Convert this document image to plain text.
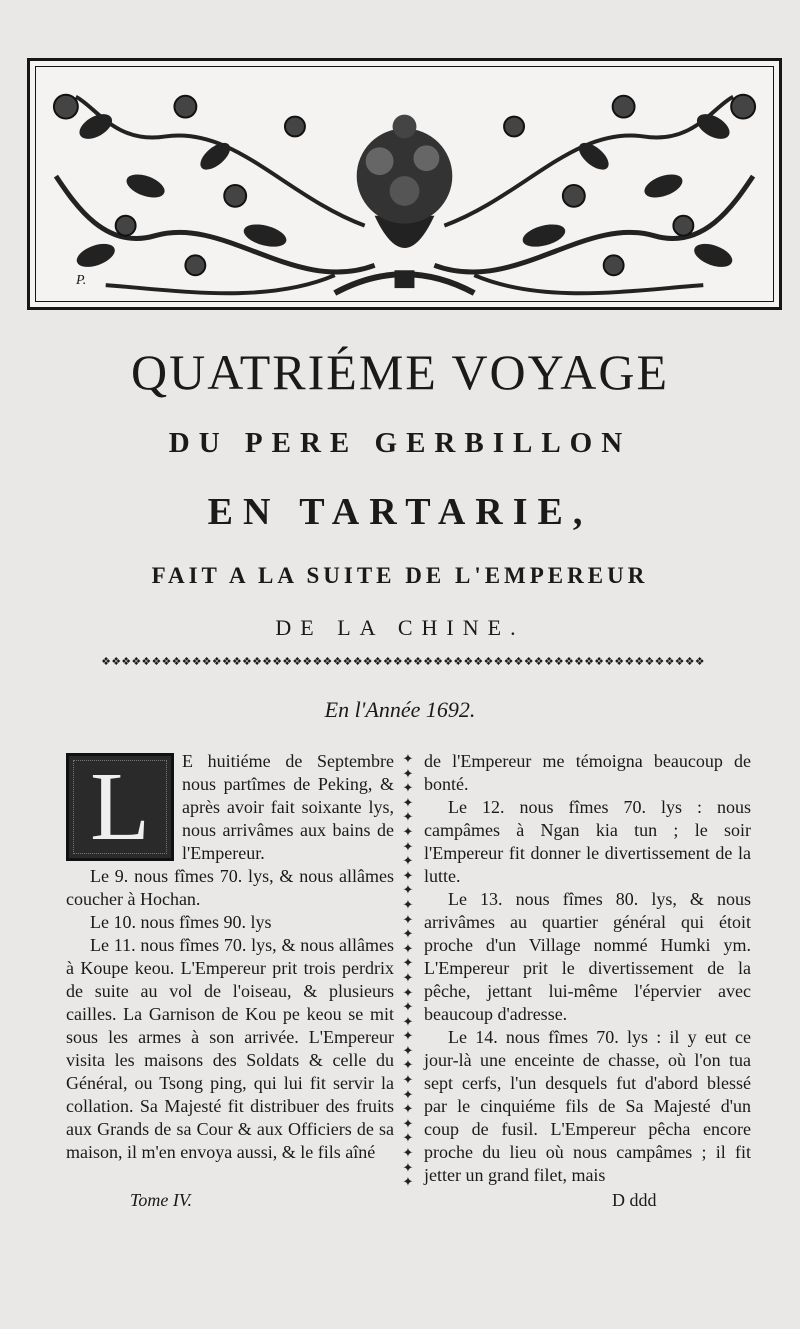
P.
QUATRIÉME VOYAGE
DU PERE GERBILLON
EN TARTARIE,
FAIT A LA SUITE DE L'EMPEREUR
DE LA CHINE.
❖❖❖❖❖❖❖❖❖❖❖❖❖❖❖❖❖❖❖❖❖❖❖❖❖❖❖❖❖❖❖❖❖❖❖❖❖❖❖❖❖❖❖❖❖❖❖❖❖❖❖❖❖❖❖❖❖❖❖❖
En l'Année 1692.
L	E huitiéme de Septembre nous partîmes de Peking, & après avoir fait soixante lys, nous arrivâmes aux bains de l'Empereur.

Le 9. nous fîmes 70. lys, & nous allâmes coucher à Hochan.

Le 10. nous fîmes 90. lys

Le 11. nous fîmes 70. lys, & nous allâmes à Koupe keou. L'Empereur prit trois perdrix de suite au vol de l'oiseau, & plusieurs cailles. La Garnison de Kou pe keou se mit sous les armes à son arrivée. L'Empereur visita les maisons des Soldats & celle du Général, ou Tsong ping, qui lui fit servir la collation. Sa Majesté fit distribuer des fruits aux Grands de sa Cour & aux Officiers de sa maison, il m'en envoya aussi, & le fils aîné

✦
✦
✦
✦
✦
✦
✦
✦
✦
✦
✦
✦
✦
✦
✦
✦
✦
✦
✦
✦
✦
✦
✦
✦
✦
✦
✦
✦
✦
✦

de l'Empereur me témoigna beaucoup de bonté.

Le 12. nous fîmes 70. lys : nous campâmes à Ngan kia tun ; le soir l'Empereur fit donner le divertissement de la lutte.

Le 13. nous fîmes 80. lys, & nous arrivâmes au quartier général qui étoit proche d'un Village nommé Humki ym. L'Empereur prit le divertissement de la pêche, jettant lui-même l'épervier avec beaucoup d'adresse.

Le 14. nous fîmes 70. lys : il y eut ce jour-là une enceinte de chasse, où l'on tua sept cerfs, l'un desquels fut d'abord blessé par le cinquiéme fils de Sa Majesté d'un coup de fusil. L'Empereur pêcha encore proche du lieu où nous campâmes ; il fit jetter un grand filet, mais

Tome IV.	D ddd
